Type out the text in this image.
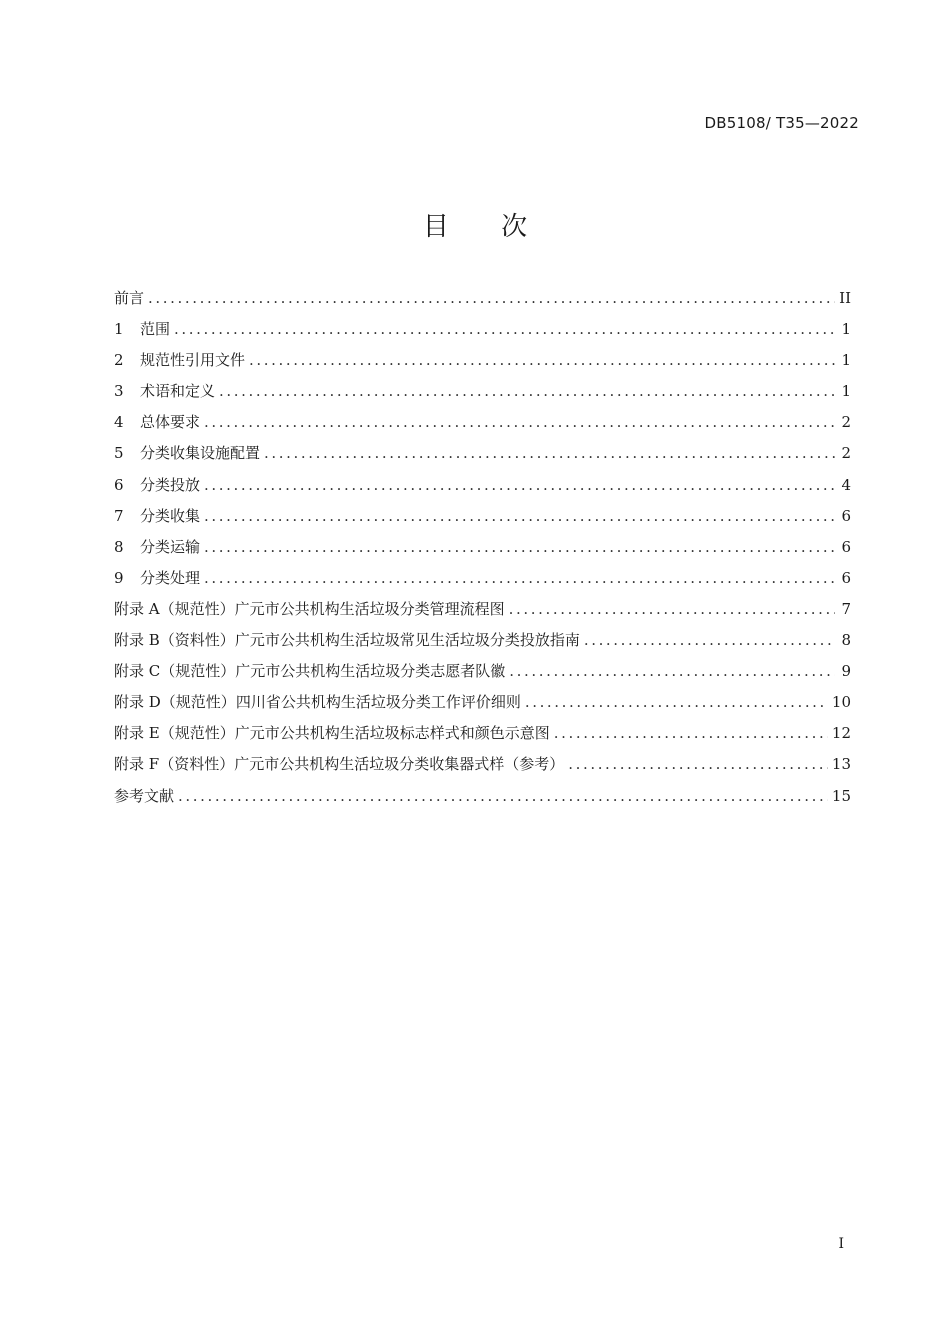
DB5108/ T35—2022
目 次
前言 .....	II
1	范围 .....	1
2	规范性引用文件 .....	1
3	术语和定义 .....	1
4	总体要求 .....	2
5	分类收集设施配置 .....	2
6	分类投放 .....	4
7	分类收集 .....	6
8	分类运输 .....	6
9	分类处理 .....	6
附录 A （规范性） 广元市公共机构生活垃圾分类管理流程图 .....	7
附录 B （资料性） 广元市公共机构生活垃圾常见生活垃圾分类投放指南 .....	8
附录 C （规范性） 广元市公共机构生活垃圾分类志愿者队徽 .....	9
附录 D （规范性） 四川省公共机构生活垃圾分类工作评价细则 .....	10
附录 E （规范性） 广元市公共机构生活垃圾标志样式和颜色示意图 .....	12
附录 F （资料性） 广元市公共机构生活垃圾分类收集器式样（参考） .....	13
参考文献 .....	15
I
